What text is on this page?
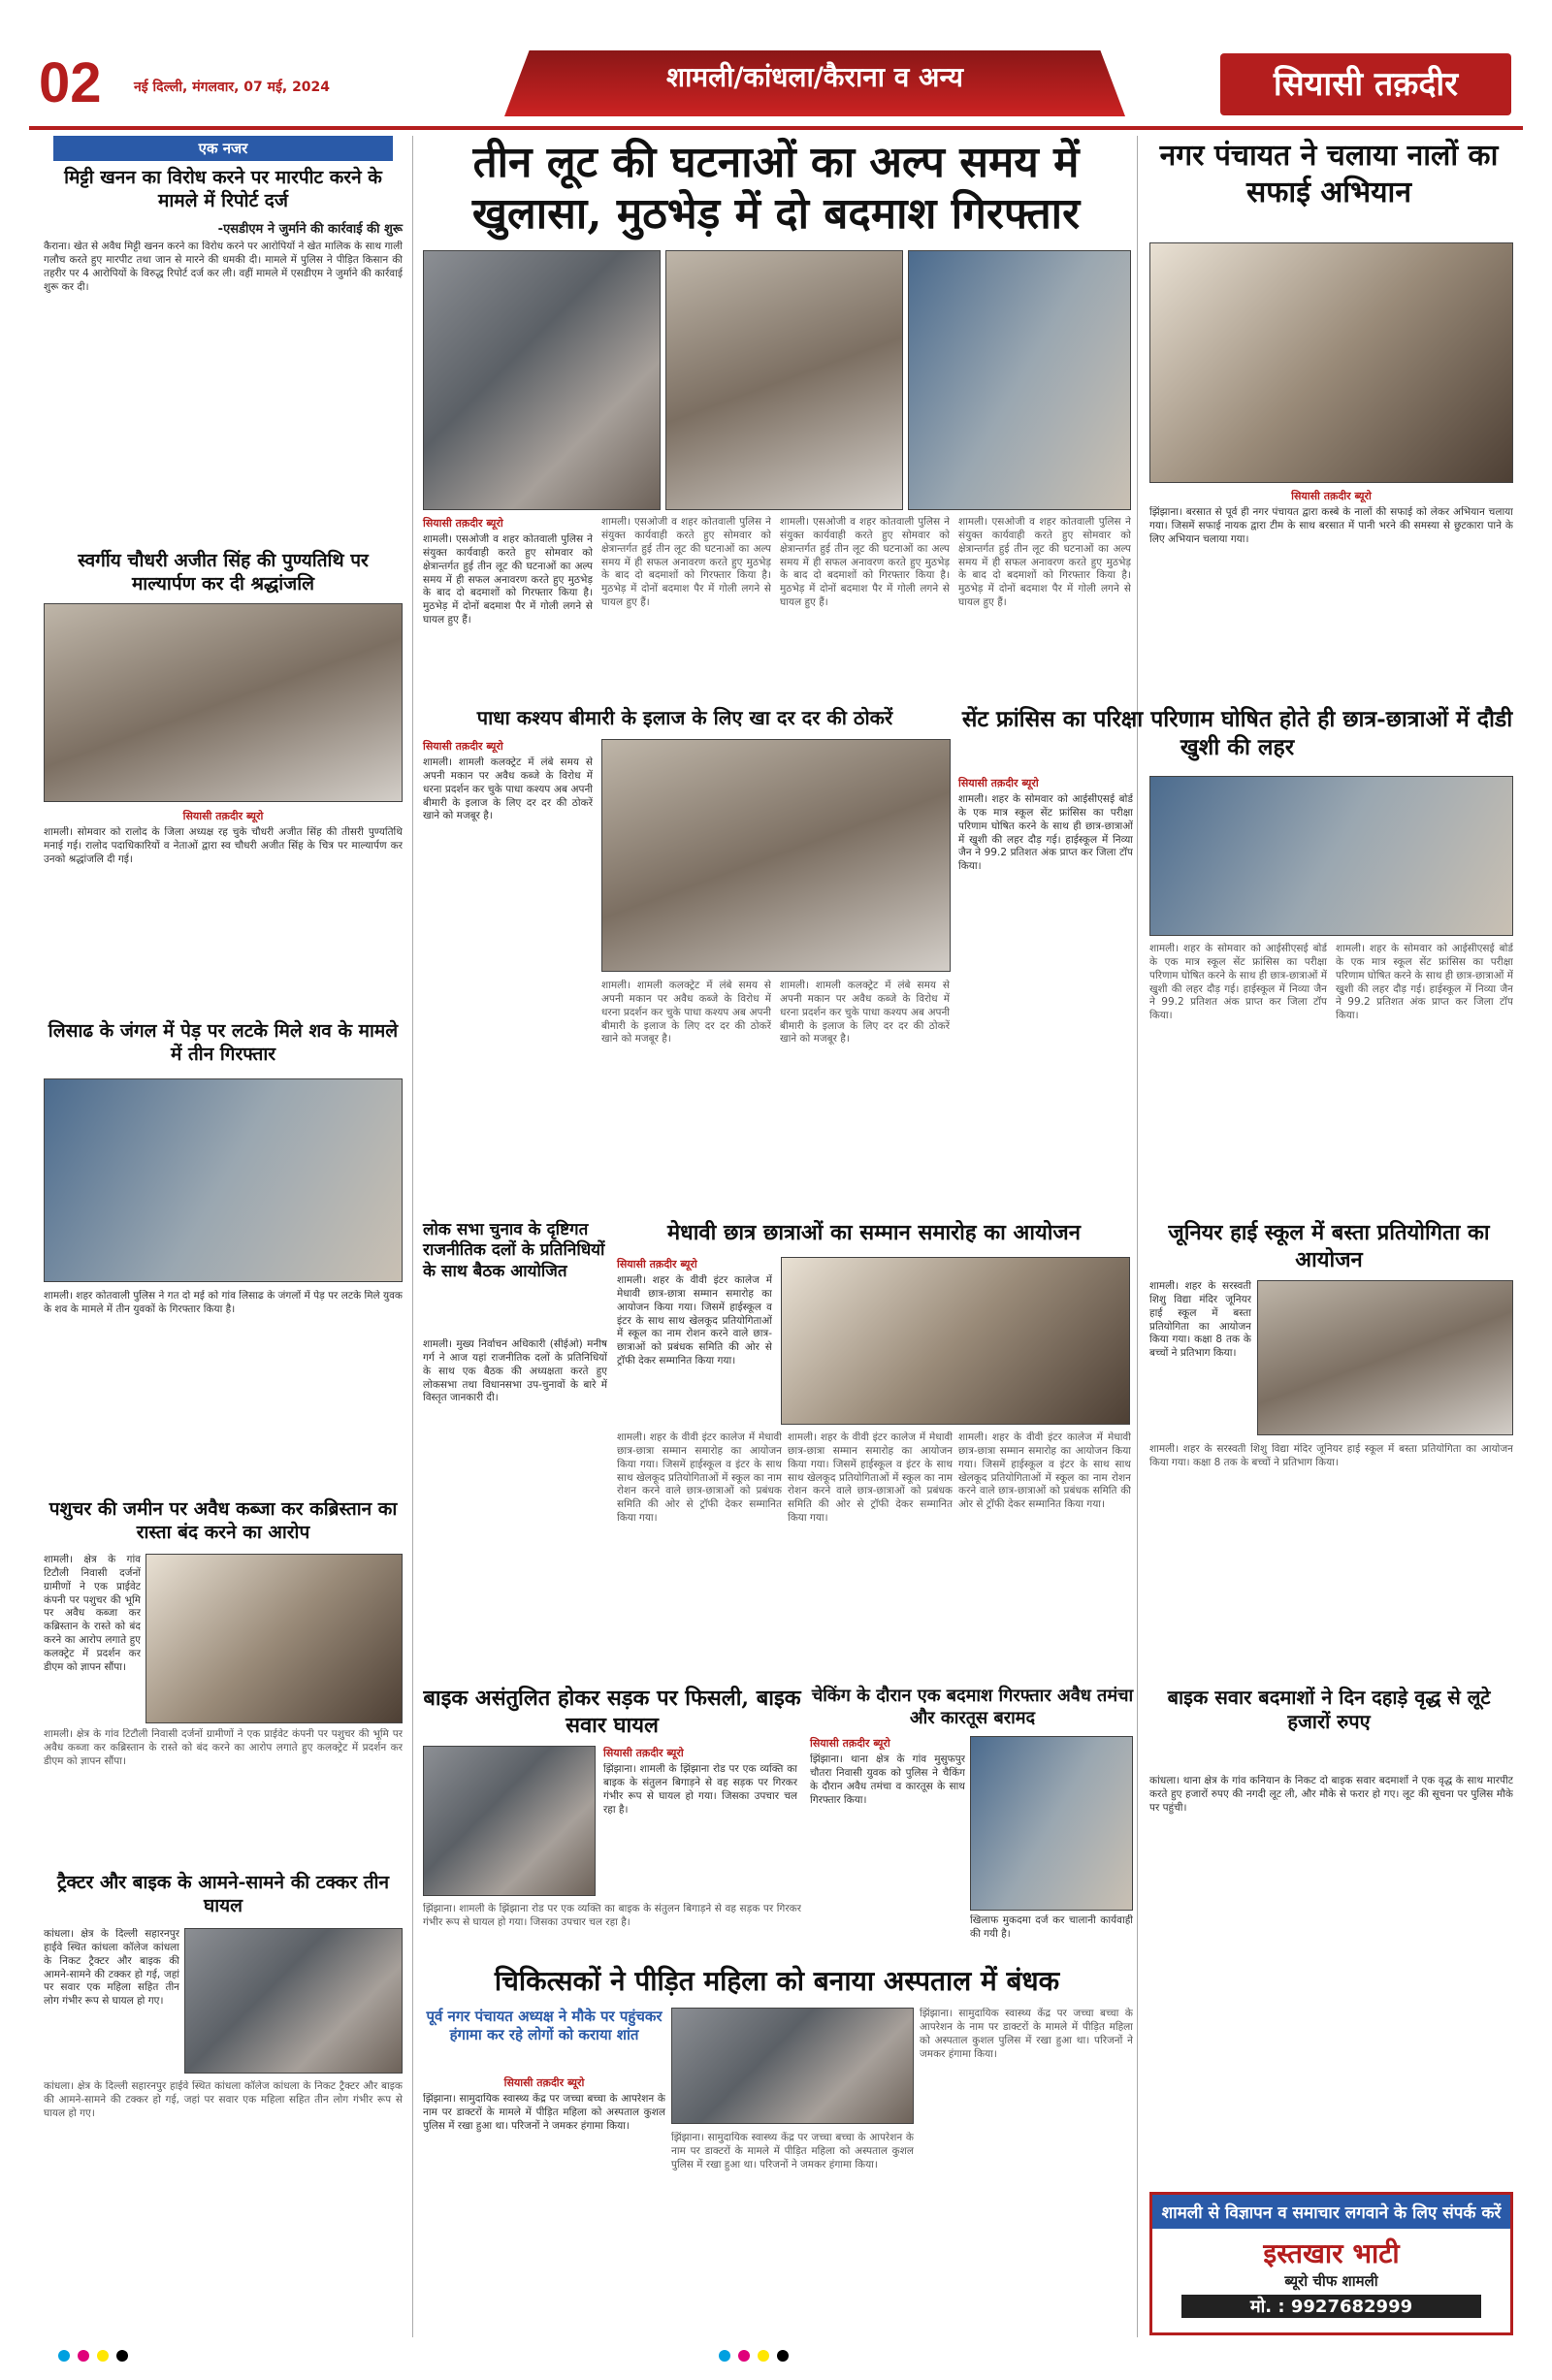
02 नई दिल्ली, मंगलवार, 07 मई, 2024	शामली/कांधला/कैराना व अन्य	सियासी तक़दीर
एक नजर
मिट्टी खनन का विरोध करने पर मारपीट करने के मामले में रिपोर्ट दर्ज
-एसडीएम ने जुर्माने की कार्रवाई की शुरू
कैराना। खेत से अवैध मिट्टी खनन करने का विरोध करने पर आरोपियों ने खेत मालिक के साथ गाली गलौच करते हुए मारपीट तथा जान से मारने की धमकी दी। मामले में पुलिस ने पीड़ित किसान की तहरीर पर 4 आरोपियों के विरुद्ध रिपोर्ट दर्ज कर ली। वहीं मामले में एसडीएम ने जुर्माने की कार्रवाई शुरू कर दी।
स्वर्गीय चौधरी अजीत सिंह की पुण्यतिथि पर माल्यार्पण कर दी श्रद्धांजलि
सियासी तक़दीर ब्यूरो
शामली। सोमवार को रालोद के जिला अध्यक्ष रह चुके चौधरी अजीत सिंह की तीसरी पुण्यतिथि मनाई गई। रालोद पदाधिकारियों व नेताओं द्वारा स्व चौधरी अजीत सिंह के चित्र पर माल्यार्पण कर उनको श्रद्धांजलि दी गई।
लिसाढ के जंगल में पेड़ पर लटके मिले शव के मामले में तीन गिरफ्तार
शामली। शहर कोतवाली पुलिस ने गत दो मई को गांव लिसाढ के जंगलों में पेड़ पर लटके मिले युवक के शव के मामले में तीन युवकों के गिरफ्तार किया है।
पशुचर की जमीन पर अवैध कब्जा कर कब्रिस्तान का रास्ता बंद करने का आरोप
शामली। क्षेत्र के गांव टिटौली निवासी दर्जनों ग्रामीणों ने एक प्राईवेट कंपनी पर पशुचर की भूमि पर अवैध कब्जा कर कब्रिस्तान के रास्ते को बंद करने का आरोप लगाते हुए कलक्ट्रेट में प्रदर्शन कर डीएम को ज्ञापन सौंपा।
शामली। क्षेत्र के गांव टिटौली निवासी दर्जनों ग्रामीणों ने एक प्राईवेट कंपनी पर पशुचर की भूमि पर अवैध कब्जा कर कब्रिस्तान के रास्ते को बंद करने का आरोप लगाते हुए कलक्ट्रेट में प्रदर्शन कर डीएम को ज्ञापन सौंपा।
ट्रैक्टर और बाइक के आमने-सामने की टक्कर तीन घायल
कांधला। क्षेत्र के दिल्ली सहारनपुर हाईवे स्थित कांधला कॉलेज कांधला के निकट ट्रैक्टर और बाइक की आमने-सामने की टक्कर हो गई, जहां पर सवार एक महिला सहित तीन लोग गंभीर रूप से घायल हो गए।
कांधला। क्षेत्र के दिल्ली सहारनपुर हाईवे स्थित कांधला कॉलेज कांधला के निकट ट्रैक्टर और बाइक की आमने-सामने की टक्कर हो गई, जहां पर सवार एक महिला सहित तीन लोग गंभीर रूप से घायल हो गए।
तीन लूट की घटनाओं का अल्प समय में खुलासा, मुठभेड़ में दो बदमाश गिरफ्तार
सियासी तक़दीर ब्यूरो
शामली। एसओजी व शहर कोतवाली पुलिस ने संयुक्त कार्यवाही करते हुए सोमवार को क्षेत्रान्तर्गत हुई तीन लूट की घटनाओं का अल्प समय में ही सफल अनावरण करते हुए मुठभेड़ के बाद दो बदमाशों को गिरफ्तार किया है। मुठभेड़ में दोनों बदमाश पैर में गोली लगने से घायल हुए हैं।
शामली। एसओजी व शहर कोतवाली पुलिस ने संयुक्त कार्यवाही करते हुए सोमवार को क्षेत्रान्तर्गत हुई तीन लूट की घटनाओं का अल्प समय में ही सफल अनावरण करते हुए मुठभेड़ के बाद दो बदमाशों को गिरफ्तार किया है। मुठभेड़ में दोनों बदमाश पैर में गोली लगने से घायल हुए हैं।
शामली। एसओजी व शहर कोतवाली पुलिस ने संयुक्त कार्यवाही करते हुए सोमवार को क्षेत्रान्तर्गत हुई तीन लूट की घटनाओं का अल्प समय में ही सफल अनावरण करते हुए मुठभेड़ के बाद दो बदमाशों को गिरफ्तार किया है। मुठभेड़ में दोनों बदमाश पैर में गोली लगने से घायल हुए हैं।
शामली। एसओजी व शहर कोतवाली पुलिस ने संयुक्त कार्यवाही करते हुए सोमवार को क्षेत्रान्तर्गत हुई तीन लूट की घटनाओं का अल्प समय में ही सफल अनावरण करते हुए मुठभेड़ के बाद दो बदमाशों को गिरफ्तार किया है। मुठभेड़ में दोनों बदमाश पैर में गोली लगने से घायल हुए हैं।
नगर पंचायत ने चलाया नालों का सफाई अभियान
सियासी तक़दीर ब्यूरो
झिंझाना। बरसात से पूर्व ही नगर पंचायत द्वारा कस्बे के नालों की सफाई को लेकर अभियान चलाया गया। जिसमें सफाई नायक द्वारा टीम के साथ बरसात में पानी भरने की समस्या से छुटकारा पाने के लिए अभियान चलाया गया।
पाधा कश्यप बीमारी के इलाज के लिए खा दर दर की ठोकरें
सियासी तक़दीर ब्यूरो
शामली। शामली कलक्ट्रेट में लंबे समय से अपनी मकान पर अवैध कब्जे के विरोध में धरना प्रदर्शन कर चुके पाधा कश्यप अब अपनी बीमारी के इलाज के लिए दर दर की ठोकरें खाने को मजबूर है।
शामली। शामली कलक्ट्रेट में लंबे समय से अपनी मकान पर अवैध कब्जे के विरोध में धरना प्रदर्शन कर चुके पाधा कश्यप अब अपनी बीमारी के इलाज के लिए दर दर की ठोकरें खाने को मजबूर है।
शामली। शामली कलक्ट्रेट में लंबे समय से अपनी मकान पर अवैध कब्जे के विरोध में धरना प्रदर्शन कर चुके पाधा कश्यप अब अपनी बीमारी के इलाज के लिए दर दर की ठोकरें खाने को मजबूर है।
सेंट फ्रांसिस का परिक्षा परिणाम घोषित होते ही छात्र-छात्राओं में दौडी खुशी की लहर
सियासी तक़दीर ब्यूरो
शामली। शहर के सोमवार को आईसीएसई बोर्ड के एक मात्र स्कूल सेंट फ्रांसिस का परीक्षा परिणाम घोषित करने के साथ ही छात्र-छात्राओं में खुशी की लहर दौड़ गई। हाईस्कूल में निव्या जैन ने 99.2 प्रतिशत अंक प्राप्त कर जिला टॉप किया।
शामली। शहर के सोमवार को आईसीएसई बोर्ड के एक मात्र स्कूल सेंट फ्रांसिस का परीक्षा परिणाम घोषित करने के साथ ही छात्र-छात्राओं में खुशी की लहर दौड़ गई। हाईस्कूल में निव्या जैन ने 99.2 प्रतिशत अंक प्राप्त कर जिला टॉप किया।
शामली। शहर के सोमवार को आईसीएसई बोर्ड के एक मात्र स्कूल सेंट फ्रांसिस का परीक्षा परिणाम घोषित करने के साथ ही छात्र-छात्राओं में खुशी की लहर दौड़ गई। हाईस्कूल में निव्या जैन ने 99.2 प्रतिशत अंक प्राप्त कर जिला टॉप किया।
लोक सभा चुनाव के दृष्टिगत राजनीतिक दलों के प्रतिनिधियों के साथ बैठक आयोजित
शामली। मुख्य निर्वाचन अधिकारी (सीईओ) मनीष गर्ग ने आज यहां राजनीतिक दलों के प्रतिनिधियों के साथ एक बैठक की अध्यक्षता करते हुए लोकसभा तथा विधानसभा उप-चुनावों के बारे में विस्तृत जानकारी दी।
मेधावी छात्र छात्राओं का सम्मान समारोह का आयोजन
सियासी तक़दीर ब्यूरो
शामली। शहर के वीवी इंटर कालेज में मेधावी छात्र-छात्रा सम्मान समारोह का आयोजन किया गया। जिसमें हाईस्कूल व इंटर के साथ साथ खेलकूद प्रतियोगिताओं में स्कूल का नाम रोशन करने वाले छात्र-छात्राओं को प्रबंधक समिति की ओर से ट्रॉफी देकर सम्मानित किया गया।
शामली। शहर के वीवी इंटर कालेज में मेधावी छात्र-छात्रा सम्मान समारोह का आयोजन किया गया। जिसमें हाईस्कूल व इंटर के साथ साथ खेलकूद प्रतियोगिताओं में स्कूल का नाम रोशन करने वाले छात्र-छात्राओं को प्रबंधक समिति की ओर से ट्रॉफी देकर सम्मानित किया गया।
शामली। शहर के वीवी इंटर कालेज में मेधावी छात्र-छात्रा सम्मान समारोह का आयोजन किया गया। जिसमें हाईस्कूल व इंटर के साथ साथ खेलकूद प्रतियोगिताओं में स्कूल का नाम रोशन करने वाले छात्र-छात्राओं को प्रबंधक समिति की ओर से ट्रॉफी देकर सम्मानित किया गया।
शामली। शहर के वीवी इंटर कालेज में मेधावी छात्र-छात्रा सम्मान समारोह का आयोजन किया गया। जिसमें हाईस्कूल व इंटर के साथ साथ खेलकूद प्रतियोगिताओं में स्कूल का नाम रोशन करने वाले छात्र-छात्राओं को प्रबंधक समिति की ओर से ट्रॉफी देकर सम्मानित किया गया।
जूनियर हाई स्कूल में बस्ता प्रतियोगिता का आयोजन
शामली। शहर के सरस्वती शिशु विद्या मंदिर जूनियर हाई स्कूल में बस्ता प्रतियोगिता का आयोजन किया गया। कक्षा 8 तक के बच्चों ने प्रतिभाग किया।
शामली। शहर के सरस्वती शिशु विद्या मंदिर जूनियर हाई स्कूल में बस्ता प्रतियोगिता का आयोजन किया गया। कक्षा 8 तक के बच्चों ने प्रतिभाग किया।
बाइक असंतुलित होकर सड़क पर फिसली, बाइक सवार घायल
सियासी तक़दीर ब्यूरो
झिंझाना। शामली के झिंझाना रोड पर एक व्यक्ति का बाइक के संतुलन बिगाड़ने से वह सड़क पर गिरकर गंभीर रूप से घायल हो गया। जिसका उपचार चल रहा है।
झिंझाना। शामली के झिंझाना रोड पर एक व्यक्ति का बाइक के संतुलन बिगाड़ने से वह सड़क पर गिरकर गंभीर रूप से घायल हो गया। जिसका उपचार चल रहा है।
चेकिंग के दौरान एक बदमाश गिरफ्तार अवैध तमंचा और कारतूस बरामद
सियासी तक़दीर ब्यूरो
झिंझाना। थाना क्षेत्र के गांव मुसुफपुर चौतरा निवासी युवक को पुलिस ने चैकिंग के दौरान अवैध तमंचा व कारतूस के साथ गिरफ्तार किया।
खिलाफ मुकदमा दर्ज कर चालानी कार्यवाही की गयी है।
बाइक सवार बदमाशों ने दिन दहाड़े वृद्ध से लूटे हजारों रुपए
कांधला। थाना क्षेत्र के गांव कनियान के निकट दो बाइक सवार बदमाशों ने एक वृद्ध के साथ मारपीट करते हुए हजारों रुपए की नगदी लूट ली, और मौके से फरार हो गए। लूट की सूचना पर पुलिस मौके पर पहुंची।
चिकित्सकों ने पीड़ित महिला को बनाया अस्पताल में बंधक
पूर्व नगर पंचायत अध्यक्ष ने मौके पर पहुंचकर हंगामा कर रहे लोगों को कराया शांत
सियासी तक़दीर ब्यूरो
झिंझाना। सामुदायिक स्वास्थ्य केंद्र पर जच्चा बच्चा के आपरेशन के नाम पर डाक्टरों के मामले में पीड़ित महिला को अस्पताल कुशल पुलिस में रखा हुआ था। परिजनों ने जमकर हंगामा किया।
झिंझाना। सामुदायिक स्वास्थ्य केंद्र पर जच्चा बच्चा के आपरेशन के नाम पर डाक्टरों के मामले में पीड़ित महिला को अस्पताल कुशल पुलिस में रखा हुआ था। परिजनों ने जमकर हंगामा किया।
झिंझाना। सामुदायिक स्वास्थ्य केंद्र पर जच्चा बच्चा के आपरेशन के नाम पर डाक्टरों के मामले में पीड़ित महिला को अस्पताल कुशल पुलिस में रखा हुआ था। परिजनों ने जमकर हंगामा किया।
शामली से विज्ञापन व समाचार लगवाने के लिए संपर्क करें
इस्तखार भाटी
ब्यूरो चीफ शामली
मो. : 9927682999
